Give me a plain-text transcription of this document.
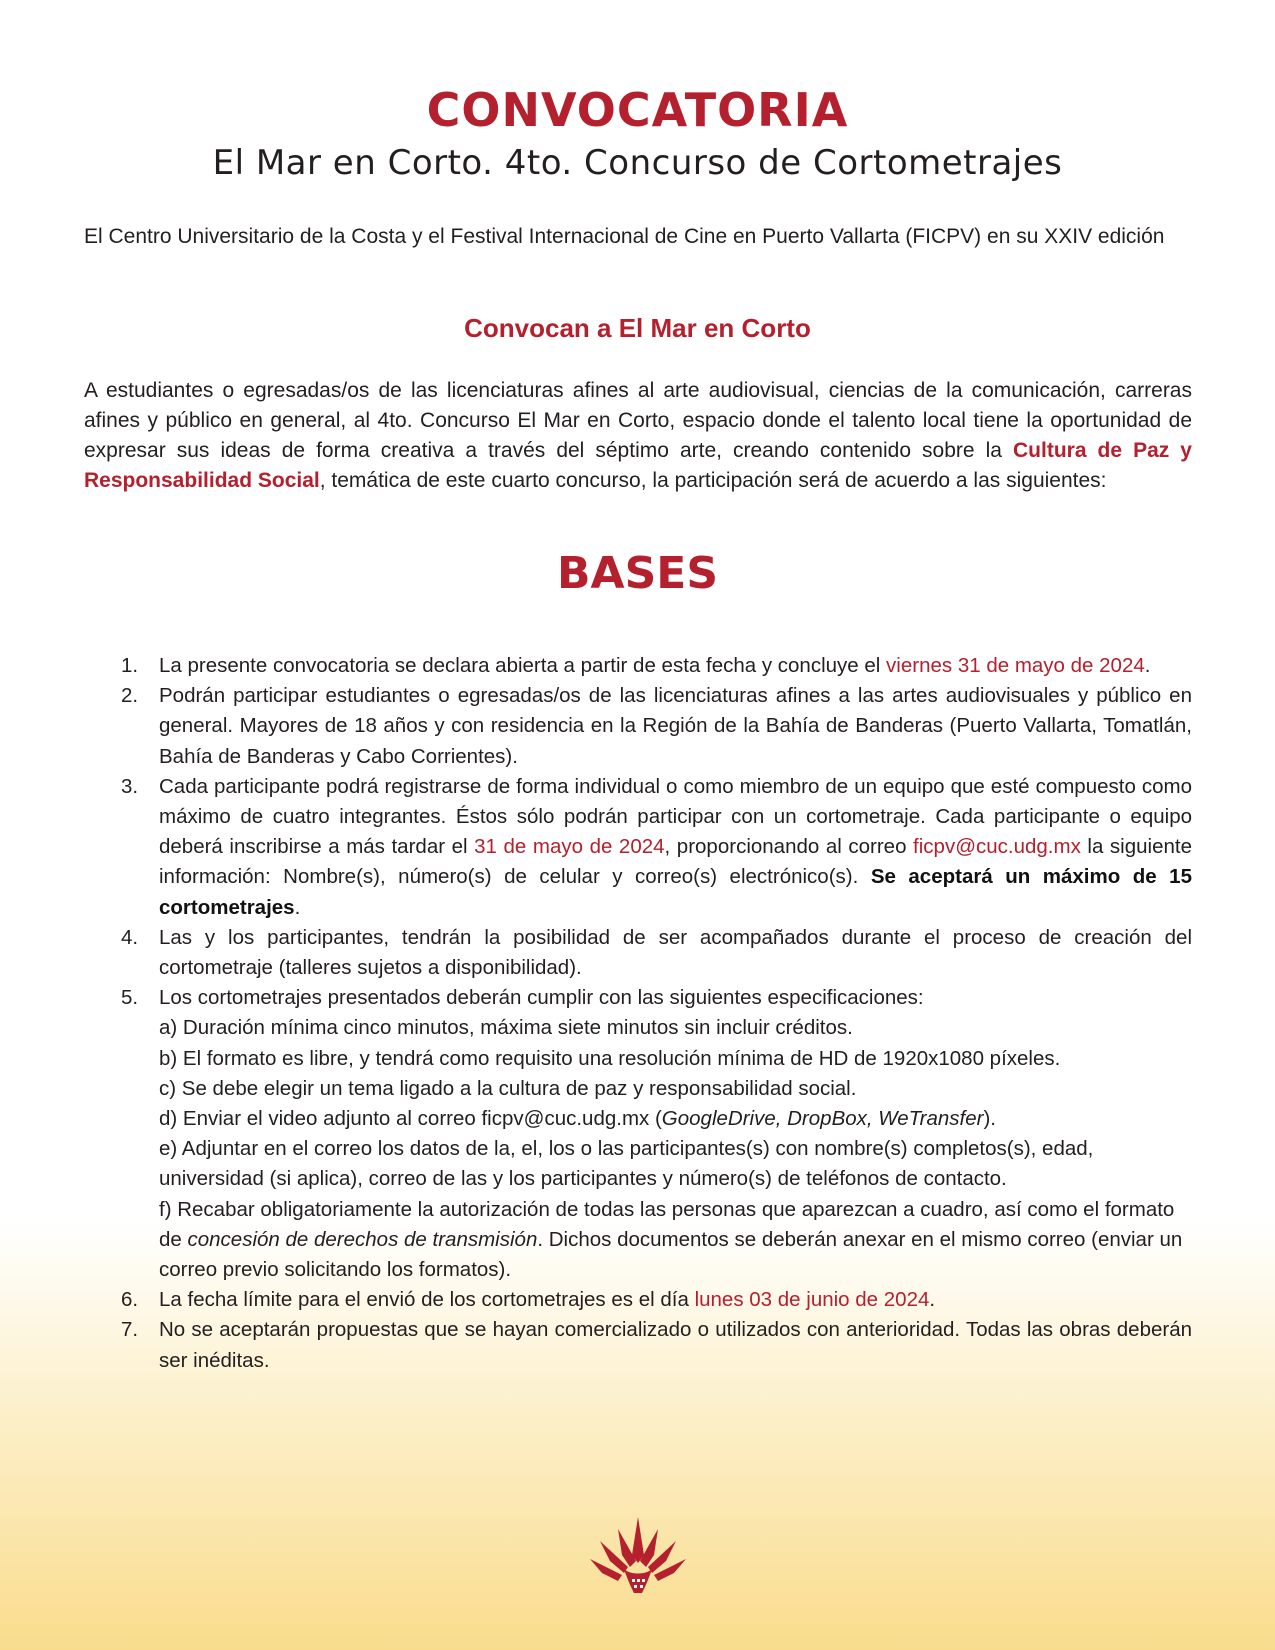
CONVOCATORIA
El Mar en Corto. 4to. Concurso de Cortometrajes

El Centro Universitario de la Costa y el Festival Internacional de Cine en Puerto Vallarta (FICPV) en su XXIV edición

Convocan a El Mar en Corto

A estudiantes o egresadas/os de las licenciaturas afines al arte audiovisual, ciencias de la comunicación, carreras afines y público en general, al 4to. Concurso El Mar en Corto, espacio donde el talento local tiene la oportunidad de expresar sus ideas de forma creativa a través del séptimo arte, creando contenido sobre la Cultura de Paz y Responsabilidad Social, temática de este cuarto concurso, la participación será de acuerdo a las siguientes:

BASES
1. La presente convocatoria se declara abierta a partir de esta fecha y concluye el viernes 31 de mayo de 2024.
2. Podrán participar estudiantes o egresadas/os de las licenciaturas afines a las artes audiovisuales y público en general. Mayores de 18 años y con residencia en la Región de la Bahía de Banderas (Puerto Vallarta, Tomatlán, Bahía de Banderas y Cabo Corrientes).
3. Cada participante podrá registrarse de forma individual o como miembro de un equipo que esté compuesto como máximo de cuatro integrantes. Éstos sólo podrán participar con un cortometraje. Cada participante o equipo deberá inscribirse a más tardar el 31 de mayo de 2024, proporcionando al correo ficpv@cuc.udg.mx la siguiente información: Nombre(s), número(s) de celular y correo(s) electrónico(s). Se aceptará un máximo de 15 cortometrajes.
4. Las y los participantes, tendrán la posibilidad de ser acompañados durante el proceso de creación del cortometraje (talleres sujetos a disponibilidad).
5. Los cortometrajes presentados deberán cumplir con las siguientes especificaciones:
a) Duración mínima cinco minutos, máxima siete minutos sin incluir créditos.
b) El formato es libre, y tendrá como requisito una resolución mínima de HD de 1920x1080 píxeles.
c) Se debe elegir un tema ligado a la cultura de paz y responsabilidad social.
d) Enviar el video adjunto al correo ficpv@cuc.udg.mx (GoogleDrive, DropBox, WeTransfer).
e) Adjuntar en el correo los datos de la, el, los o las participantes(s) con nombre(s) completos(s), edad, universidad (si aplica), correo de las y los participantes y número(s) de teléfonos de contacto.
f) Recabar obligatoriamente la autorización de todas las personas que aparezcan a cuadro, así como el formato de concesión de derechos de transmisión. Dichos documentos se deberán anexar en el mismo correo (enviar un correo previo solicitando los formatos).
6. La fecha límite para el envió de los cortometrajes es el día lunes 03 de junio de 2024.
7. No se aceptarán propuestas que se hayan comercializado o utilizados con anterioridad. Todas las obras deberán ser inéditas.
